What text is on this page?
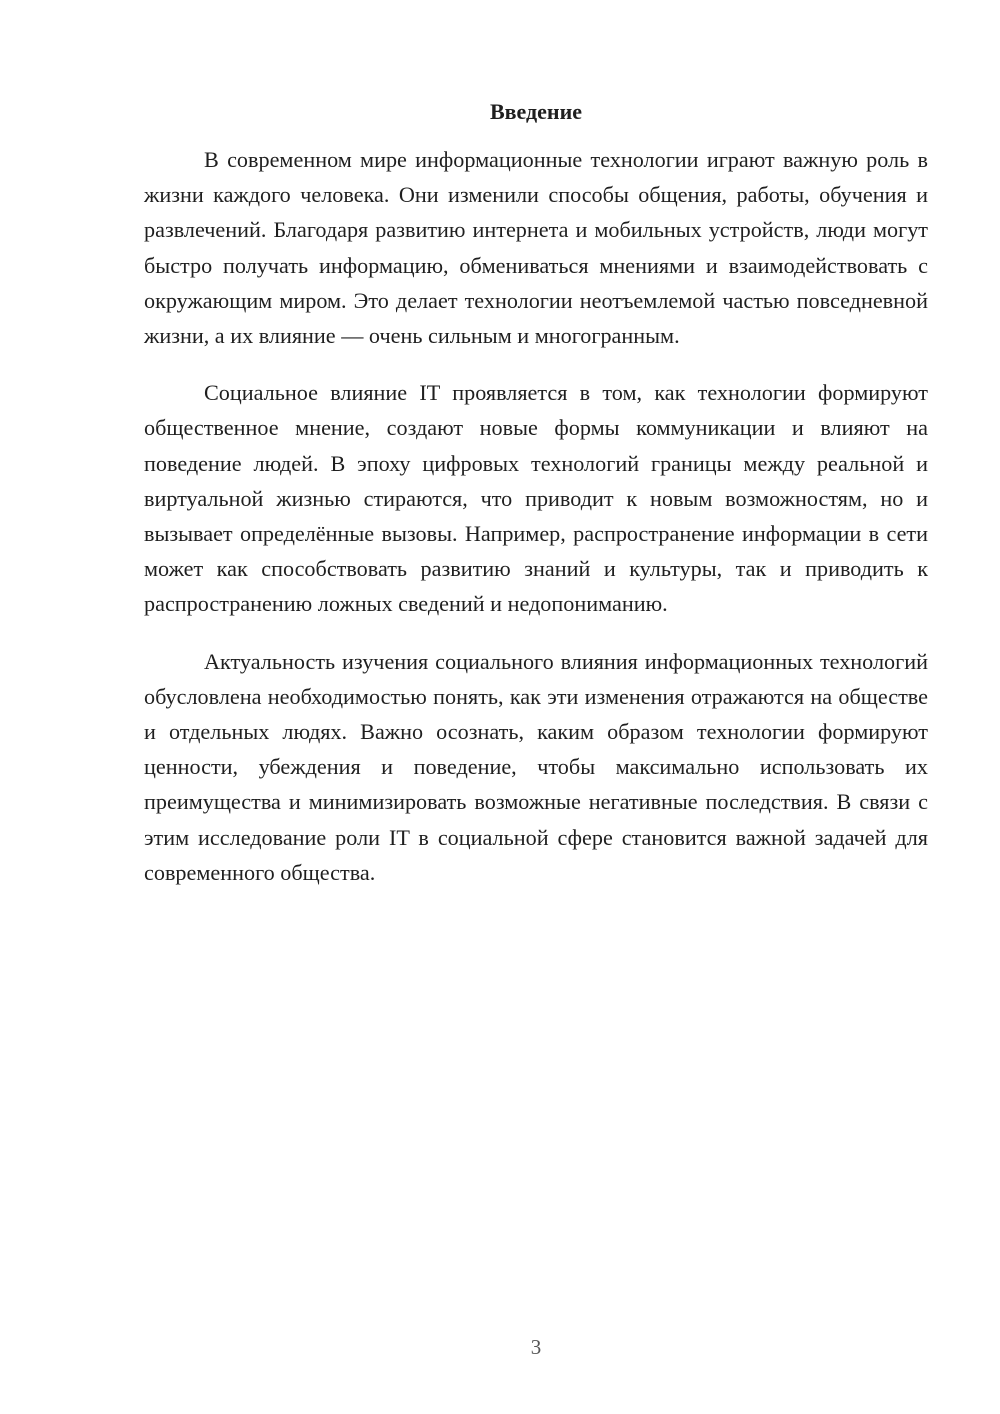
Введение

В современном мире информационные технологии играют важную роль в жизни каждого человека. Они изменили способы общения, работы, обучения и развлечений. Благодаря развитию интернета и мобильных устройств, люди могут быстро получать информацию, обмениваться мнениями и взаимодействовать с окружающим миром. Это делает технологии неотъемлемой частью повседневной жизни, а их влияние — очень сильным и многогранным.

Социальное влияние IT проявляется в том, как технологии формируют общественное мнение, создают новые формы коммуникации и влияют на поведение людей. В эпоху цифровых технологий границы между реальной и виртуальной жизнью стираются, что приводит к новым возможностям, но и вызывает определённые вызовы. Например, распространение информации в сети может как способствовать развитию знаний и культуры, так и приводить к распространению ложных сведений и недопониманию.

Актуальность изучения социального влияния информационных технологий обусловлена необходимостью понять, как эти изменения отражаются на обществе и отдельных людях. Важно осознать, каким образом технологии формируют ценности, убеждения и поведение, чтобы максимально использовать их преимущества и минимизировать возможные негативные последствия. В связи с этим исследование роли IT в социальной сфере становится важной задачей для современного общества.

3
